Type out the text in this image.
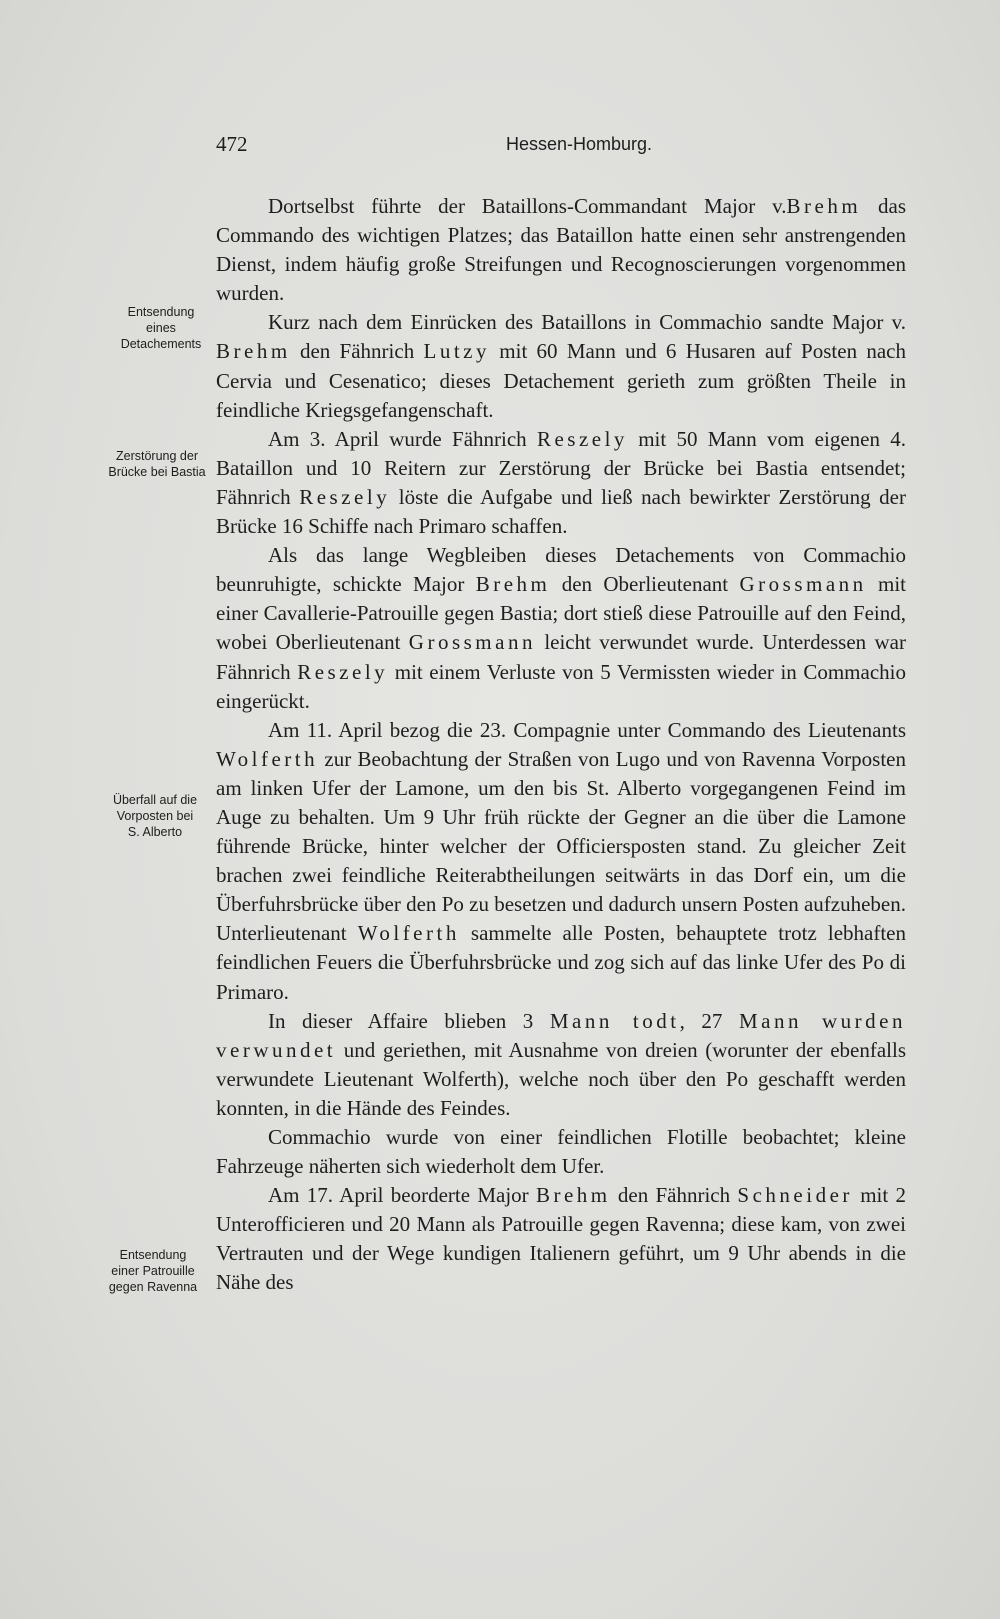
472	Hessen-Homburg.
Entsendung
eines
Detachements
Zerstörung der
Brücke bei Bastia
Überfall auf die
Vorposten bei
S. Alberto
Entsendung
einer Patrouille
gegen Ravenna

Dortselbst führte der Bataillons-Commandant Major v.Brehm das Commando des wichtigen Platzes; das Bataillon hatte einen sehr anstrengenden Dienst, indem häufig große Streifungen und Recognoscierungen vorgenommen wurden.

Kurz nach dem Einrücken des Bataillons in Commachio sandte Major v. Brehm den Fähnrich Lutzy mit 60 Mann und 6 Husaren auf Posten nach Cervia und Cesenatico; dieses Detachement gerieth zum größten Theile in feindliche Kriegsgefangenschaft.

Am 3. April wurde Fähnrich Reszely mit 50 Mann vom eigenen 4. Bataillon und 10 Reitern zur Zerstörung der Brücke bei Bastia entsendet; Fähnrich Reszely löste die Aufgabe und ließ nach bewirkter Zerstörung der Brücke 16 Schiffe nach Primaro schaffen.

Als das lange Wegbleiben dieses Detachements von Commachio beunruhigte, schickte Major Brehm den Oberlieutenant Grossmann mit einer Cavallerie-Patrouille gegen Bastia; dort stieß diese Patrouille auf den Feind, wobei Oberlieutenant Grossmann leicht verwundet wurde. Unterdessen war Fähnrich Reszely mit einem Verluste von 5 Vermissten wieder in Commachio eingerückt.

Am 11. April bezog die 23. Compagnie unter Commando des Lieutenants Wolferth zur Beobachtung der Straßen von Lugo und von Ravenna Vorposten am linken Ufer der Lamone, um den bis St. Alberto vorgegangenen Feind im Auge zu behalten. Um 9 Uhr früh rückte der Gegner an die über die Lamone führende Brücke, hinter welcher der Officiersposten stand. Zu gleicher Zeit brachen zwei feindliche Reiterabtheilungen seitwärts in das Dorf ein, um die Überfuhrsbrücke über den Po zu besetzen und dadurch unsern Posten aufzuheben. Unterlieutenant Wolferth sammelte alle Posten, behauptete trotz lebhaften feindlichen Feuers die Überfuhrsbrücke und zog sich auf das linke Ufer des Po di Primaro.

In dieser Affaire blieben 3 Mann todt, 27 Mann wurden verwundet und geriethen, mit Ausnahme von dreien (worunter der ebenfalls verwundete Lieutenant Wolferth), welche noch über den Po geschafft werden konnten, in die Hände des Feindes.

Commachio wurde von einer feindlichen Flotille beobachtet; kleine Fahrzeuge näherten sich wiederholt dem Ufer.

Am 17. April beorderte Major Brehm den Fähnrich Schneider mit 2 Unterofficieren und 20 Mann als Patrouille gegen Ravenna; diese kam, von zwei Vertrauten und der Wege kundigen Italienern geführt, um 9 Uhr abends in die Nähe des
